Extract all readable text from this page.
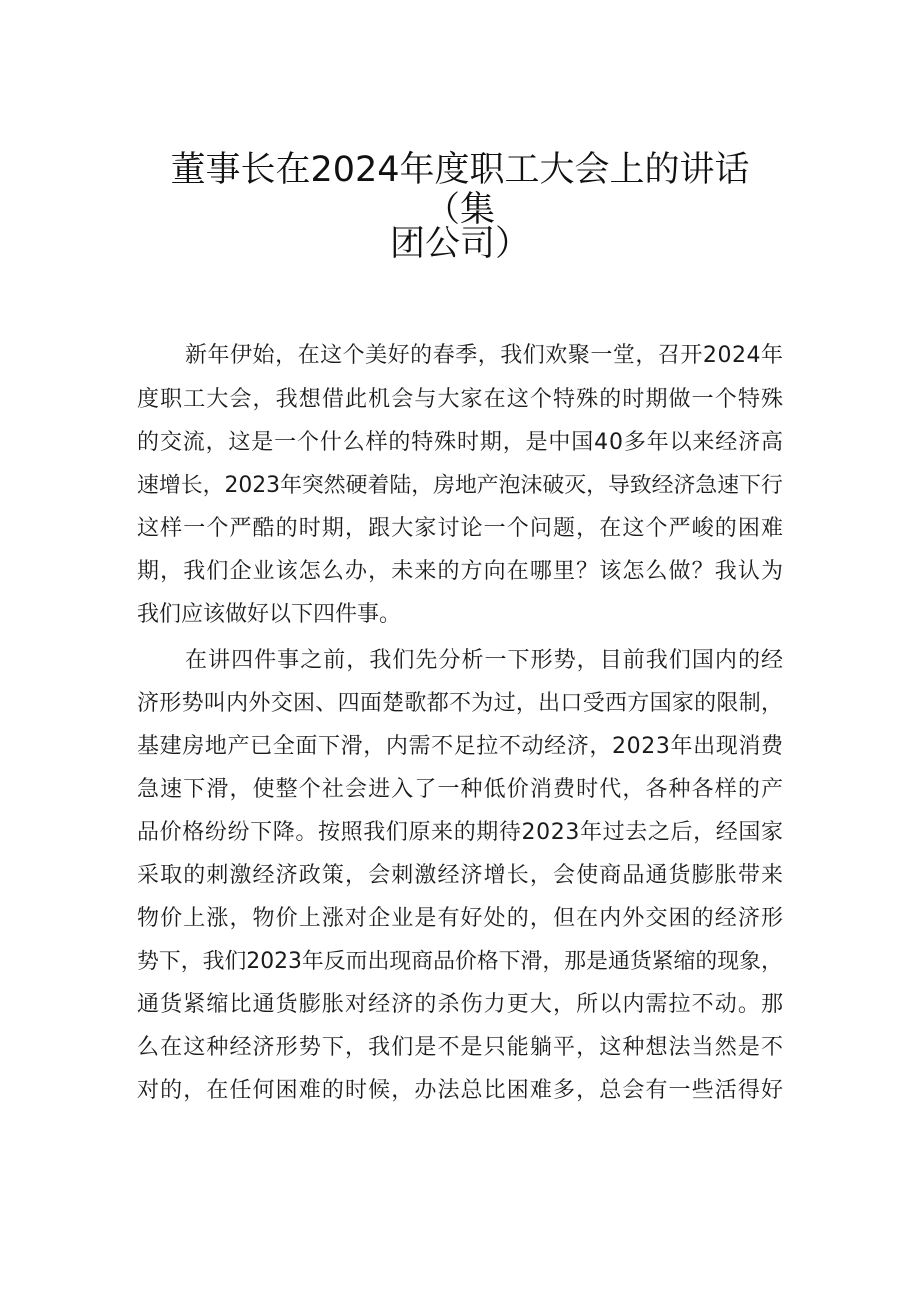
董事长在2024年度职工大会上的讲话（集
团公司）
新年伊始，在这个美好的春季，我们欢聚一堂，召开2024年
度职工大会，我想借此机会与大家在这个特殊的时期做一个特殊
的交流，这是一个什么样的特殊时期，是中国40多年以来经济高
速增长，2023年突然硬着陆，房地产泡沫破灭，导致经济急速下行
这样一个严酷的时期，跟大家讨论一个问题，在这个严峻的困难
期，我们企业该怎么办，未来的方向在哪里？该怎么做？我认为
我们应该做好以下四件事。
在讲四件事之前，我们先分析一下形势，目前我们国内的经
济形势叫内外交困、四面楚歌都不为过，出口受西方国家的限制，
基建房地产已全面下滑，内需不足拉不动经济，2023年出现消费
急速下滑，使整个社会进入了一种低价消费时代，各种各样的产
品价格纷纷下降。按照我们原来的期待2023年过去之后，经国家
采取的刺激经济政策，会刺激经济增长，会使商品通货膨胀带来
物价上涨，物价上涨对企业是有好处的，但在内外交困的经济形
势下，我们2023年反而出现商品价格下滑，那是通货紧缩的现象，
通货紧缩比通货膨胀对经济的杀伤力更大，所以内需拉不动。那
么在这种经济形势下，我们是不是只能躺平，这种想法当然是不
对的，在任何困难的时候，办法总比困难多，总会有一些活得好
